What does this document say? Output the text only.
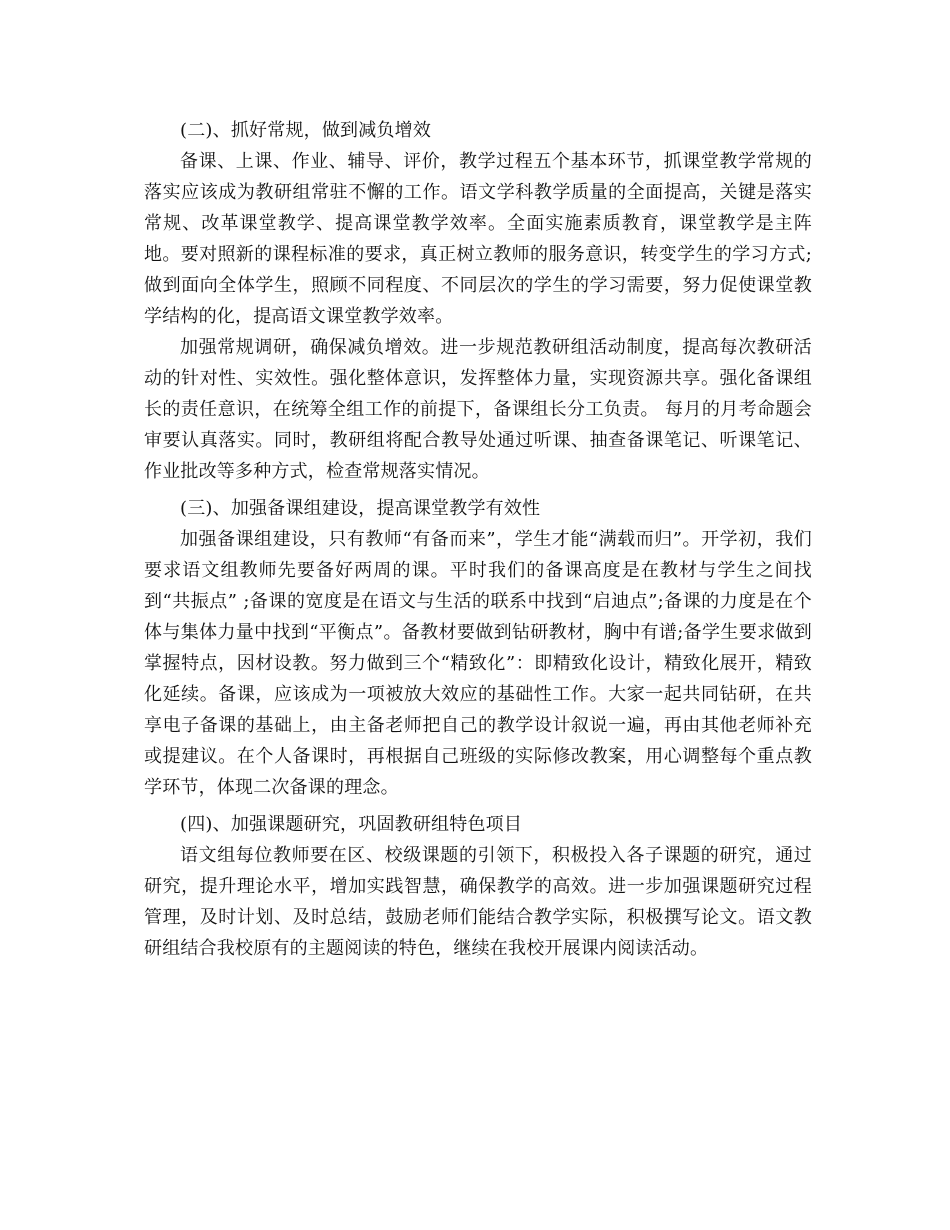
(二)、抓好常规，做到减负增效

备课、上课、作业、辅导、评价，教学过程五个基本环节，抓课堂教学常规的落实应该成为教研组常驻不懈的工作。语文学科教学质量的全面提高，关键是落实常规、改革课堂教学、提高课堂教学效率。全面实施素质教育，课堂教学是主阵地。要对照新的课程标准的要求，真正树立教师的服务意识，转变学生的学习方式;做到面向全体学生，照顾不同程度、不同层次的学生的学习需要，努力促使课堂教学结构的化，提高语文课堂教学效率。

加强常规调研，确保减负增效。进一步规范教研组活动制度，提高每次教研活动的针对性、实效性。强化整体意识，发挥整体力量，实现资源共享。强化备课组长的责任意识，在统筹全组工作的前提下，备课组长分工负责。 每月的月考命题会审要认真落实。同时，教研组将配合教导处通过听课、抽查备课笔记、听课笔记、作业批改等多种方式，检查常规落实情况。

(三)、加强备课组建设，提高课堂教学有效性

加强备课组建设，只有教师“有备而来”，学生才能“满载而归”。开学初，我们要求语文组教师先要备好两周的课。平时我们的备课高度是在教材与学生之间找到“共振点” ;备课的宽度是在语文与生活的联系中找到“启迪点”;备课的力度是在个体与集体力量中找到“平衡点”。备教材要做到钻研教材，胸中有谱;备学生要求做到掌握特点，因材设教。努力做到三个“精致化”：即精致化设计，精致化展开，精致化延续。备课，应该成为一项被放大效应的基础性工作。大家一起共同钻研，在共享电子备课的基础上，由主备老师把自己的教学设计叙说一遍，再由其他老师补充或提建议。在个人备课时，再根据自己班级的实际修改教案，用心调整每个重点教学环节，体现二次备课的理念。

(四)、加强课题研究，巩固教研组特色项目

语文组每位教师要在区、校级课题的引领下，积极投入各子课题的研究，通过研究，提升理论水平，增加实践智慧，确保教学的高效。进一步加强课题研究过程管理，及时计划、及时总结，鼓励老师们能结合教学实际，积极撰写论文。语文教研组结合我校原有的主题阅读的特色，继续在我校开展课内阅读活动。
